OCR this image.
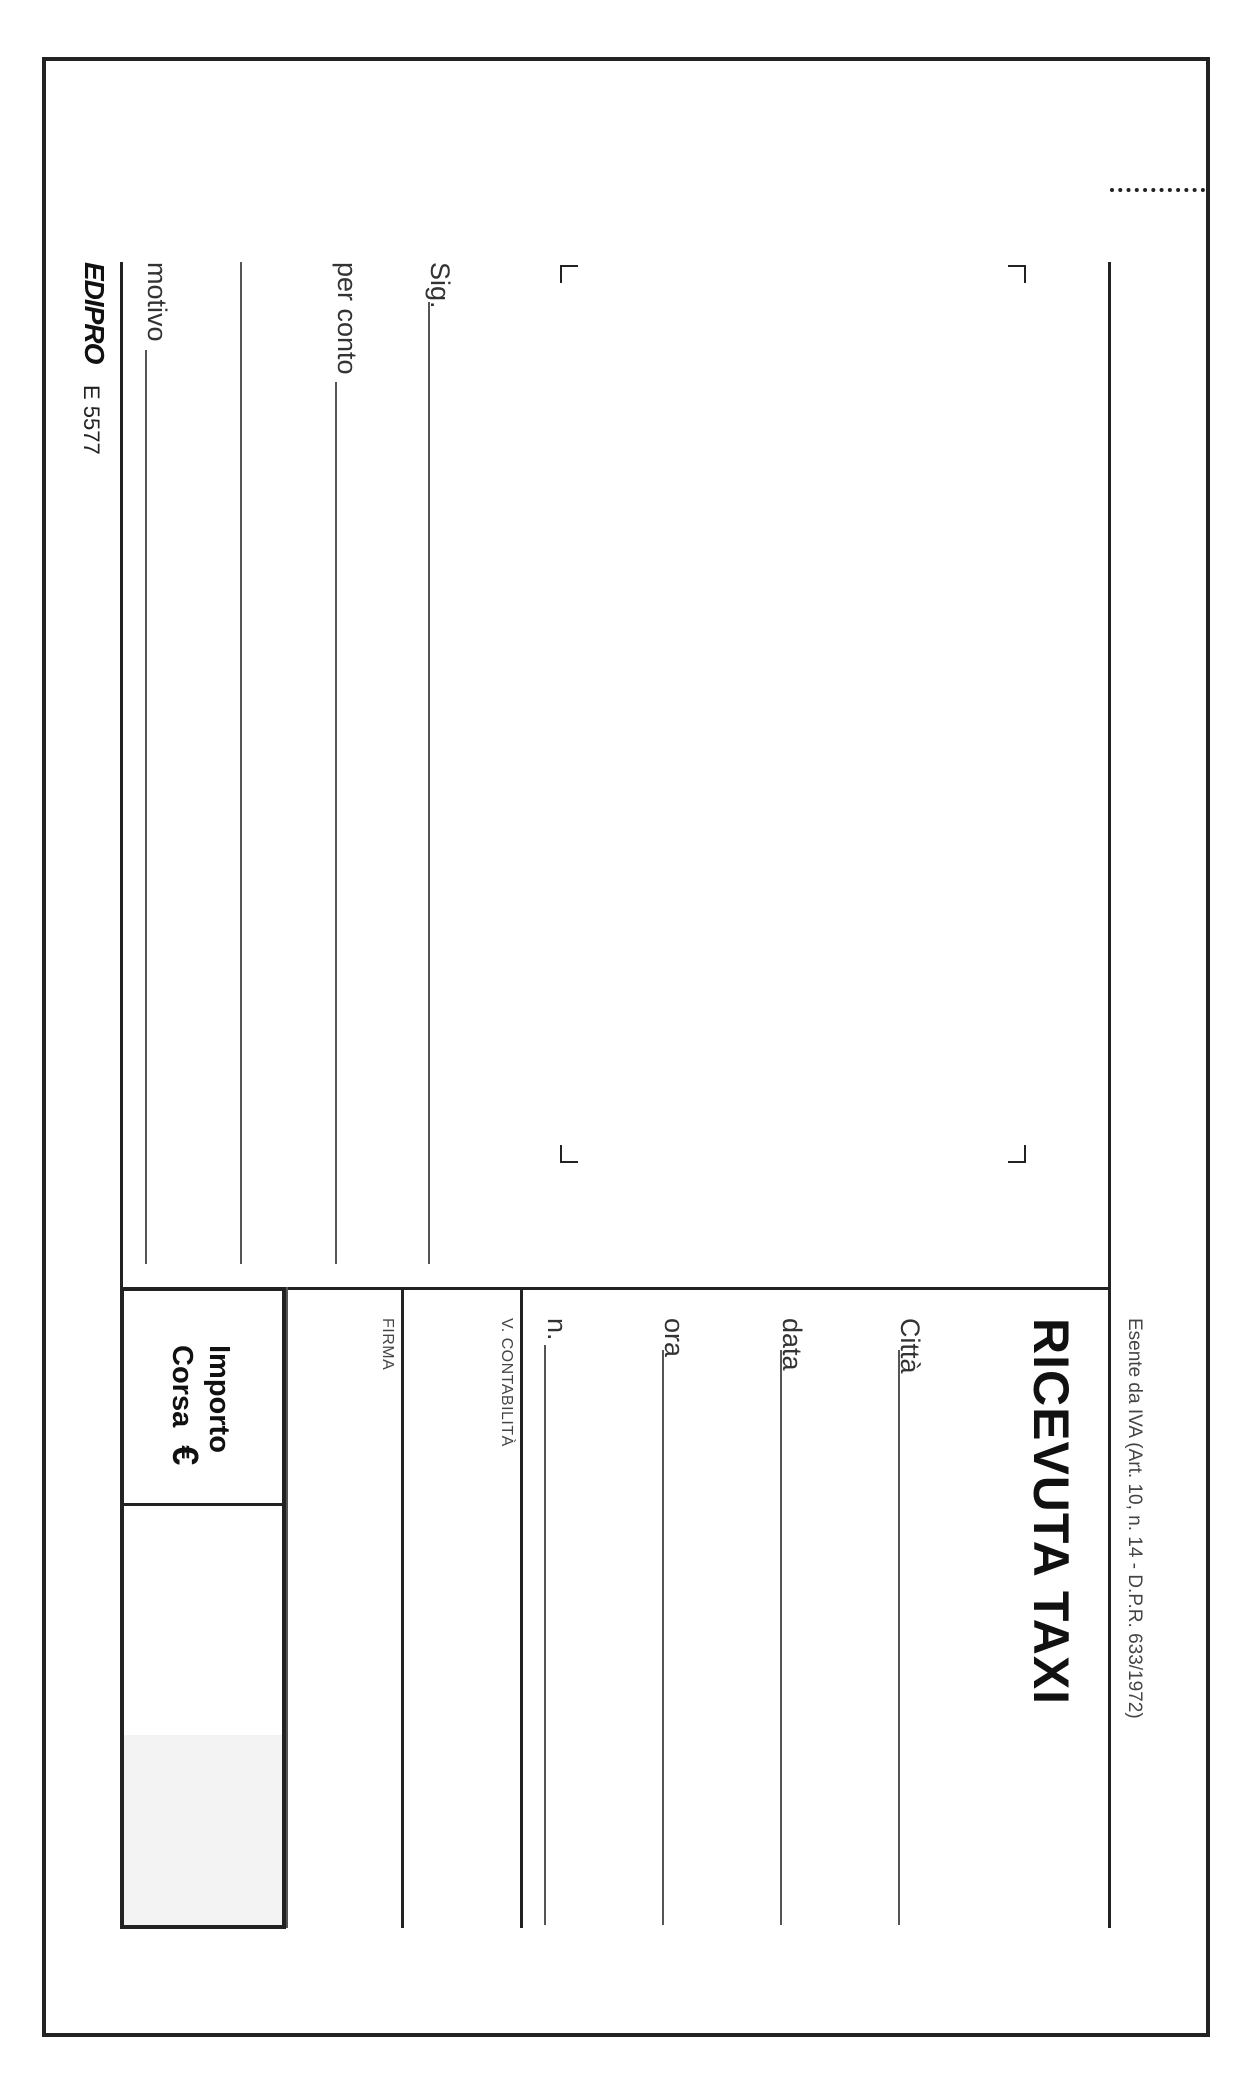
Esente da IVA (Art. 10, n. 14 - D.P.R. 633/1972)
RICEVUTA TAXI
Città
data
ora
n.
V. CONTABILITÀ
FIRMA
Sig.
per conto
motivo
Importo
Corsa €
EDIPRO
E 5577
